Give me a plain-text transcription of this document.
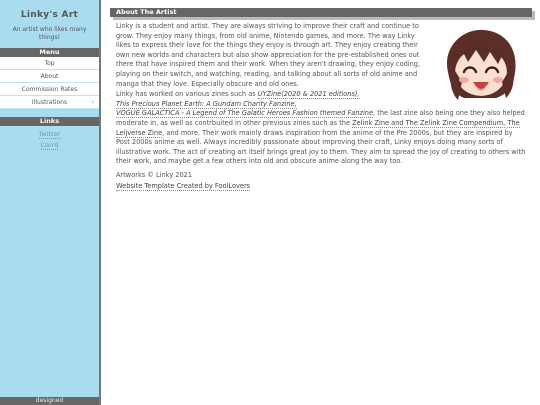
Linky's Art
An artist who likes many things!
Menu
Top
About
Commission Rates
Illustrations	›
Links
Twitter
Carrd
designed
About The Artist

Linky is a student and artist. They are always striving to improve their craft and continue to grow. They enjoy many things, from old anime, Nintendo games, and more. The way Linky likes to express their love for the things they enjoy is through art. They enjoy creating their own new worlds and characters but also show appreciation for the pre-established ones out there that have inspired them and their work. When they aren't drawing, they enjoy coding, playing on their switch, and watching, reading, and talking about all sorts of old anime and manga that they love. Especially obscure and old ones.

Linky has worked on various zines such as UYZine(2020 & 2021 editions),
This Precious Planet Earth: A Gundam Charity Fanzine,
VOGUE GALACTICA - A Legend of The Galatic Heroes Fashion themed Fanzine, the last zine also being one they also helped moderate in, as well as contrbuited in other previous zines such as the Zelink Zine and The Zelink Zine Compendium, The Leijverse Zine, and more. Their work mainly draws inspiration from the anime of the Pre 2000s, but they are inspired by Post 2000s anime as well. Always incredibly passionate about improving their craft, Linky enjoys doing many sorts of illustrative work. The act of creating art itself brings great joy to them. They aim to spread the joy of creating to others with their work, and maybe get a few others into old and obscure anime along the way too.

Artworks © Linky 2021

Website Template Created by FoolLovers
